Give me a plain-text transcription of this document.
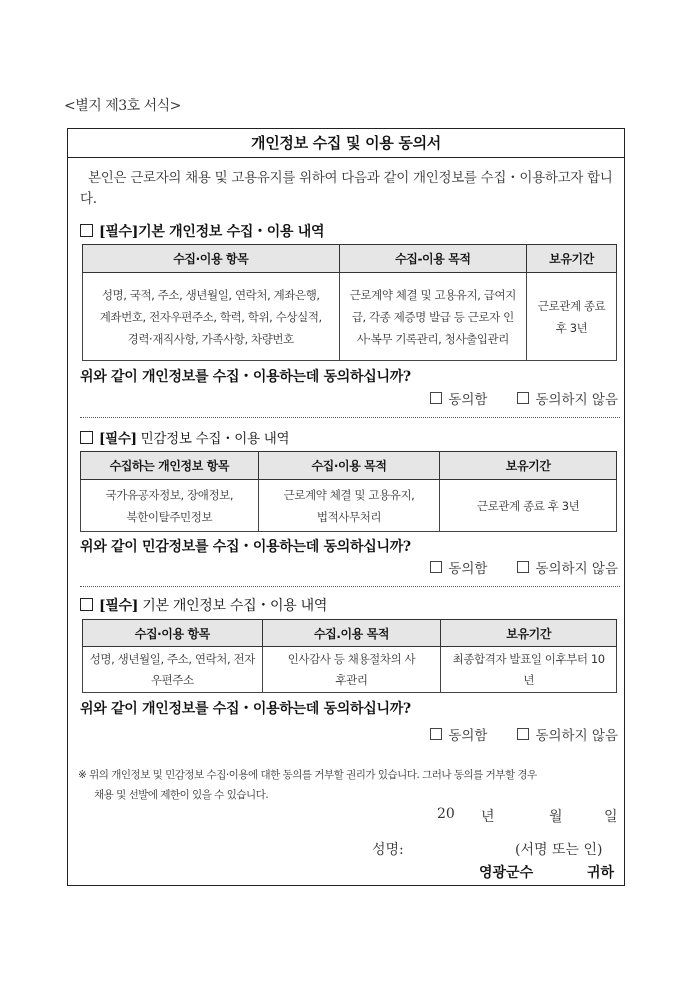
<별지 제3호 서식>
개인정보 수집 및 이용 동의서
본인은 근로자의 채용 및 고용유지를 위하여 다음과 같이 개인정보를 수집・이용하고자 합니다.
[필수]기본 개인정보 수집・이용 내역
수집·이용 항목	수집-이용 목적	보유기간
성명, 국적, 주소, 생년월일, 연락처, 계좌은행, 계좌번호, 전자우편주소, 학력, 학위, 수상실적, 경력·재직사항, 가족사항, 차량번호	근로계약 체결 및 고용유지, 급여지급, 각종 제증명 발급 등 근로자 인사·복무 기록관리, 청사출입관리	근로관계 종료 후 3년
위와 같이 개인정보를 수집・이용하는데 동의하십니까?
동의함	동의하지 않음
[필수] 민감정보 수집・이용 내역
수집하는 개인정보 항목	수집·이용 목적	보유기간
국가유공자정보, 장애정보, 북한이탈주민정보	근로계약 체결 및 고용유지, 법적사무처리	근로관계 종료 후 3년
위와 같이 민감정보를 수집・이용하는데 동의하십니까?
동의함	동의하지 않음
[필수] 기본 개인정보 수집・이용 내역
수집·이용 항목	수집.이용 목적	보유기간
성명, 생년월일, 주소, 연락처, 전자우편주소	인사감사 등 채용절차의 사후관리	최종합격자 발표일 이후부터 10년
위와 같이 개인정보를 수집・이용하는데 동의하십니까?
동의함	동의하지 않음
※ 위의 개인정보 및 민감정보 수집·이용에 대한 동의를 거부할 권리가 있습니다. 그러나 동의를 거부할 경우
채용 및 선발에 제한이 있을 수 있습니다.
20 년	월	일
성명:	(서명 또는 인)
영광군수	귀하
